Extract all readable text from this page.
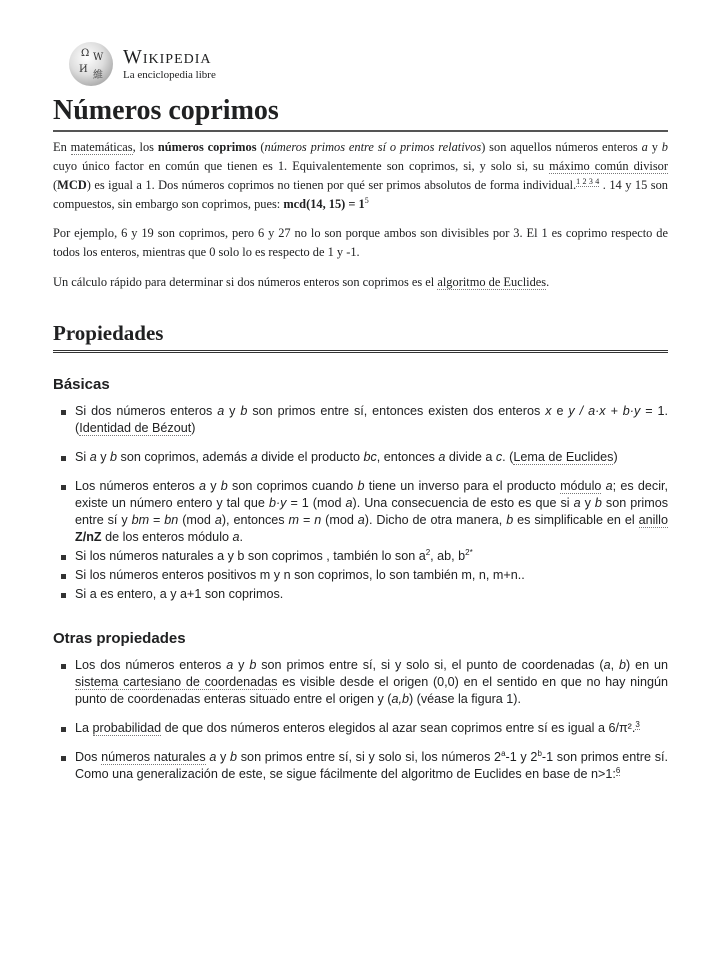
Ω W
И
維
Wikipedia
La enciclopedia libre
Números coprimos

En matemáticas, los números coprimos (números primos entre sí o primos relativos) son aquellos números enteros a y b cuyo único factor en común que tienen es 1. Equivalentemente son coprimos, si, y solo si, su máximo común divisor (MCD) es igual a 1. Dos números coprimos no tienen por qué ser primos absolutos de forma individual.$^{1 2 3 4}$ . 14 y 15 son compuestos, sin embargo son coprimos, pues: mcd(14, $15) = 1^5$

Por ejemplo, 6 y 19 son coprimos, pero 6 y 27 no lo son porque ambos son divisibles por 3. El 1 es coprimo respecto de todos los enteros, mientras que 0 solo lo es respecto de 1 y -1.

Un cálculo rápido para determinar si dos números enteros son coprimos es el algoritmo de Euclides.

Propiedades
Básicas
Si dos números enteros a y b son primos entre sí, entonces existen dos enteros x e y / a·x + b·y = 1. (Identidad de Bézout)
Si a y b son coprimos, además a divide el producto bc, entonces a divide a c. (Lema de Euclides)
Los números enteros a y b son coprimos cuando b tiene un inverso para el producto módulo a; es decir, existe un número entero y tal que b·y = 1 (mod a). Una consecuencia de esto es que si a y b son primos entre sí y bm = bn (mod a), entonces m = n (mod a). Dicho de otra manera, b es simplificable en el anillo Z/nZ de los enteros módulo a.
Si los números naturales a y b son coprimos , también lo son $a^2$, ab, $b^{2*}$
Si los números enteros positivos m y n son coprimos, lo son también m, n, m+n..
Si a es entero, a y a+1 son coprimos.
Otras propiedades
Los dos números enteros a y b son primos entre sí, si y solo si, el punto de coordenadas (a, b) en un sistema cartesiano de coordenadas es visible desde el origen (0,0) en el sentido en que no hay ningún punto de coordenadas enteras situado entre el origen y (a,b) (véase la figura 1).
La probabilidad de que dos números enteros elegidos al azar sean coprimos entre sí es igual a 6/π².$^3$
Dos números naturales a y b son primos entre sí, si y solo si, los números 2$^a$-1 y 2$^b$-1 son primos entre sí. Como una generalización de este, se sigue fácilmente del algoritmo de Euclides en base de n>1:$^6$
